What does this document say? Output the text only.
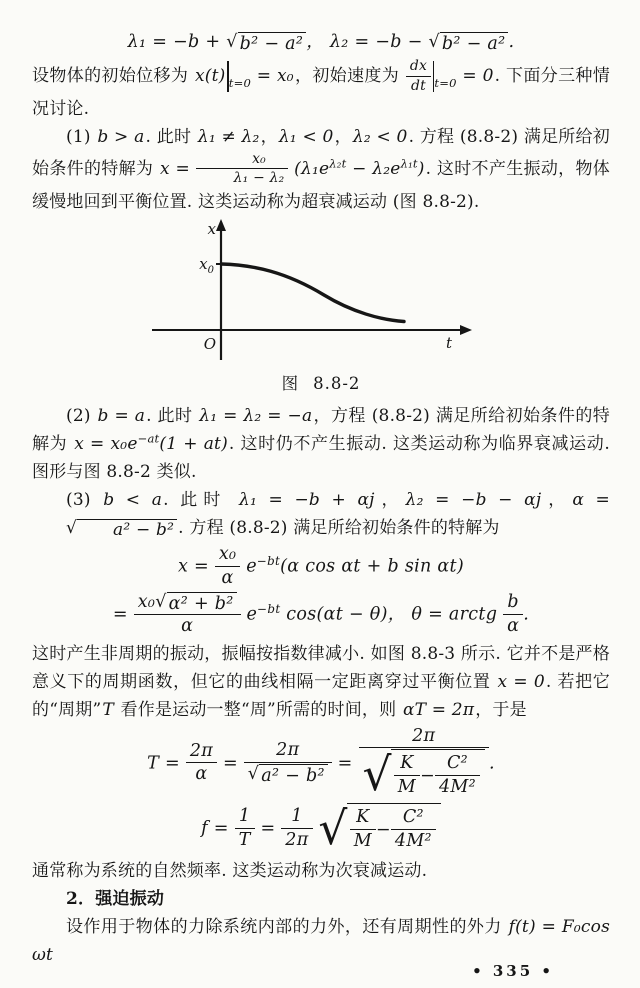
λ₁ = −b + √ b² − a² ， λ₂ = −b − √ b² − a² .

设物体的初始位移为 x(t) $_{t=0}$ = x₀，初始速度为 $\frac{dx}{dt} _{t=0} = 0$. 下面分三种情况讨论.

(1) b > a. 此时 λ₁ ≠ λ₂，λ₁ < 0，λ₂ < 0. 方程 (8.8-2) 满足所给初始条件的特解为 $x = \frac{\text{x₀}}{\text{λ₁ − λ₂}} (\lambda_1e^{\lambda_2t} - \lambda_2e^{\lambda_1t})$. 这时不产生振动，物体缓慢地回到平衡位置. 这类运动称为超衰减运动 (图 8.8-2).

x
$x_0$
O	t
图 8.8-2

(2) b = a. 此时 λ₁ = λ₂ = −a，方程 (8.8-2) 满足所给初始条件的特解为 $x = x_0e^{-at}(1 + at)$. 这时仍不产生振动. 这类运动称为临界衰减运动. 图形与图 8.8-2 类似.

(3) b < a. 此时 λ₁ = −b + αj，λ₂ = −b − αj，α =
√	a² − b² . 方程 (8.8-2) 满足所给初始条件的特解为

$x = \frac{\text{x₀}}{\alpha} e^{-bt}(\alpha$ cos αt + b sin αt)
= $\frac{\text{x₀ √ α² + b²}}{\alpha} e^{-bt}$ cos(αt − θ)， θ = arctg $\frac{b}{\alpha}$ .

这时产生非周期的振动，振幅按指数律减小. 如图 8.8-3 所示. 它并不是严格意义下的周期函数，但它的曲线相隔一定距离穿过平衡位置 x = 0. 若把它的“周期”T 看作是运动一整“周”所需的时间，则 αT = 2π，于是

$T = \frac{2\pi}{\alpha} = \frac{2\pi}{\text{√ a² − b²}} = \frac{2\pi}{√ \frac{K}{M} - \frac{\text{C²}}{\text{4M²}}}$ .
$f = \frac{1}{T} = \frac{1}{2\pi}$
√ $\frac{K}{M} - \frac{\text{C²}}{\text{4M²}}$

通常称为系统的自然频率. 这类运动称为次衰减运动.

2．强迫振动

设作用于物体的力除系统内部的力外，还有周期性的外力 f(t) = F₀cos ωt

• 335 •
